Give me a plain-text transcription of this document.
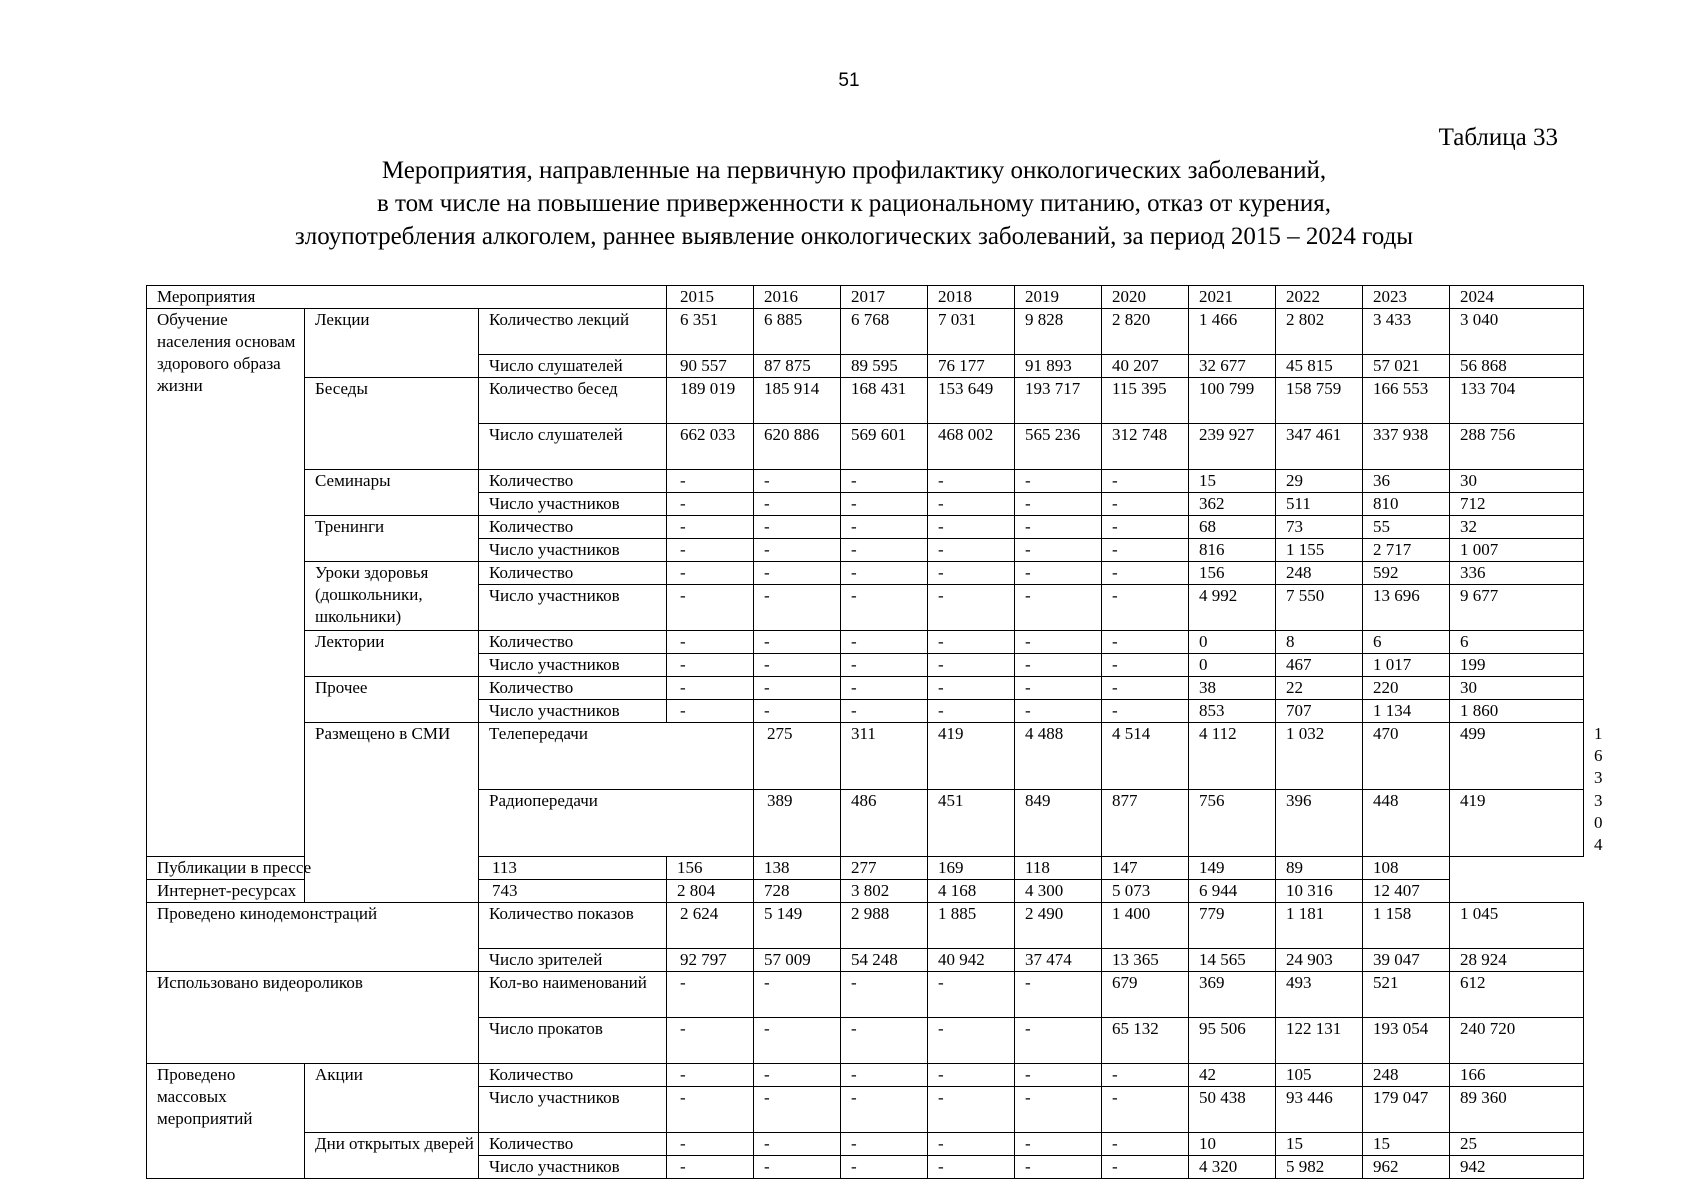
51
Таблица 33
Мероприятия, направленные на первичную профилактику онкологических заболеваний,
в том числе на повышение приверженности к рациональному питанию, отказ от курения,
злоупотребления алкоголем, раннее выявление онкологических заболеваний, за период 2015 – 2024 годы
Мероприятия			2015	2016	2017	2018	2019	2020	2021	2022	2023	2024	
Обучение населения основам здорового образа жизни	Лекции	Количество лекций	6 351	6 885	6 768	7 031	9 828	2 820	1 466	2 802	3 433	3 040	
		Число слушателей	90 557	87 875	89 595	76 177	91 893	40 207	32 677	45 815	57 021	56 868	
	Беседы	Количество бесед	189 019	185 914	168 431	153 649	193 717	115 395	100 799	158 759	166 553	133 704	
		Число слушателей	662 033	620 886	569 601	468 002	565 236	312 748	239 927	347 461	337 938	288 756	
	Семинары	Количество	-	-	-	-	-	-	15	29	36	30	
		Число участников	-	-	-	-	-	-	362	511	810	712	
	Тренинги	Количество	-	-	-	-	-	-	68	73	55	32	
		Число участников	-	-	-	-	-	-	816	1 155	2 717	1 007	
	Уроки здоровья (дошкольники, школьники)	Количество	-	-	-	-	-	-	156	248	592	336	
		Число участников	-	-	-	-	-	-	4 992	7 550	13 696	9 677	
	Лектории	Количество	-	-	-	-	-	-	0	8	6	6	
		Число участников	-	-	-	-	-	-	0	467	1 017	199	
	Прочее	Количество	-	-	-	-	-	-	38	22	220	30	
		Число участников	-	-	-	-	-	-	853	707	1 134	1 860	
	Размещено в СМИ	Телепередачи		275	311	419	4 488	4 514	4 112	1 032	470	499	163
		Радиопередачи		389	486	451	849	877	756	396	448	419	304
Публикации в прессе		113	156	138	277	169	118	147	149	89	108		
Интернет-ресурсах		743	2 804	728	3 802	4 168	4 300	5 073	6 944	10 316	12 407		
Проведено кинодемонстраций		Количество показов	2 624	5 149	2 988	1 885	2 490	1 400	779	1 181	1 158	1 045	
		Число зрителей	92 797	57 009	54 248	40 942	37 474	13 365	14 565	24 903	39 047	28 924	
Использовано видеороликов		Кол-во наименований	-	-	-	-	-	679	369	493	521	612	
		Число прокатов	-	-	-	-	-	65 132	95 506	122 131	193 054	240 720	
Проведено массовых мероприятий	Акции	Количество	-	-	-	-	-	-	42	105	248	166	
		Число участников	-	-	-	-	-	-	50 438	93 446	179 047	89 360	
	Дни открытых дверей	Количество	-	-	-	-	-	-	10	15	15	25	
		Число участников	-	-	-	-	-	-	4 320	5 982	962	942	
